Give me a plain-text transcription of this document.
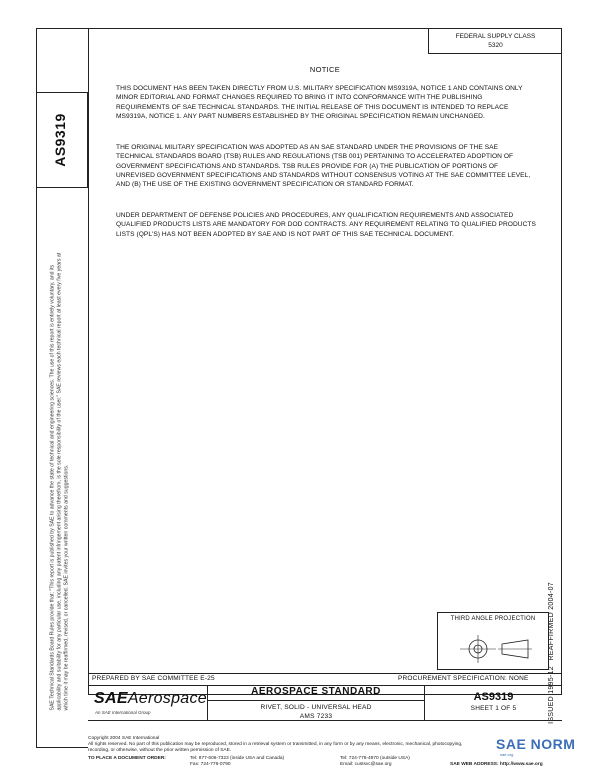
AS9319
FEDERAL SUPPLY CLASS
5320
NOTICE

THIS DOCUMENT HAS BEEN TAKEN DIRECTLY FROM U.S. MILITARY SPECIFICATION MS9319A, NOTICE 1 AND CONTAINS ONLY MINOR EDITORIAL AND FORMAT CHANGES REQUIRED TO BRING IT INTO CONFORMANCE WITH THE PUBLISHING REQUIREMENTS OF SAE TECHNICAL STANDARDS. THE INITIAL RELEASE OF THIS DOCUMENT IS INTENDED TO REPLACE MS9319A, NOTICE 1. ANY PART NUMBERS ESTABLISHED BY THE ORIGINAL SPECIFICATION REMAIN UNCHANGED.

THE ORIGINAL MILITARY SPECIFICATION WAS ADOPTED AS AN SAE STANDARD UNDER THE PROVISIONS OF THE SAE TECHNICAL STANDARDS BOARD (TSB) RULES AND REGULATIONS (TSB 001) PERTAINING TO ACCELERATED ADOPTION OF GOVERNMENT SPECIFICATIONS AND STANDARDS. TSB RULES PROVIDE FOR (A) THE PUBLICATION OF PORTIONS OF UNREVISED GOVERNMENT SPECIFICATIONS AND STANDARDS WITHOUT CONSENSUS VOTING AT THE SAE COMMITTEE LEVEL, AND (B) THE USE OF THE EXISTING GOVERNMENT SPECIFICATION OR STANDARD FORMAT.

UNDER DEPARTMENT OF DEFENSE POLICIES AND PROCEDURES, ANY QUALIFICATION REQUIREMENTS AND ASSOCIATED QUALIFIED PRODUCTS LISTS ARE MANDATORY FOR DOD CONTRACTS. ANY REQUIREMENT RELATING TO QUALIFIED PRODUCTS LISTS (QPL'S) HAS NOT BEEN ADOPTED BY SAE AND IS NOT PART OF THIS SAE TECHNICAL DOCUMENT.

SAE Technical Standards Board Rules provide that: "This report is published by SAE to advance the state of technical and engineering sciences. The use of this report is entirely voluntary, and its applicability and suitability for any particular use, including any patent infringement arising therefrom, is the sole responsibility of the user." SAE reviews each technical report at least every five years at which time it may be reaffirmed, revised, or cancelled. SAE invites your written comments and suggestions.	REAFFIRMED 2004-07
ISSUED 1995-12
THIRD ANGLE PROJECTION
PREPARED BY SAE COMMITTEE E-25	PROCUREMENT SPECIFICATION: NONE
SAEAerospace
An SAE International Group
AEROSPACE STANDARD
RIVET, SOLID - UNIVERSAL HEAD
AMS 7233
AS9319
SHEET 1 OF 5
Copyright 2004 SAE International
All rights reserved. No part of this publication may be reproduced, stored in a retrieval system or transmitted, in any form or by any means, electronic, mechanical, photocopying,
recording, or otherwise, without the prior written permission of SAE.
TO PLACE A DOCUMENT ORDER:	Tel: 877-606-7323 (inside USA and Canada)	Tel: 724-776-4970 (outside USA)
Fax: 724-776-0790	Email: custsvc@sae.org	SAE WEB ADDRESS: http://www.sae.org
SAE NORM
sae.org
